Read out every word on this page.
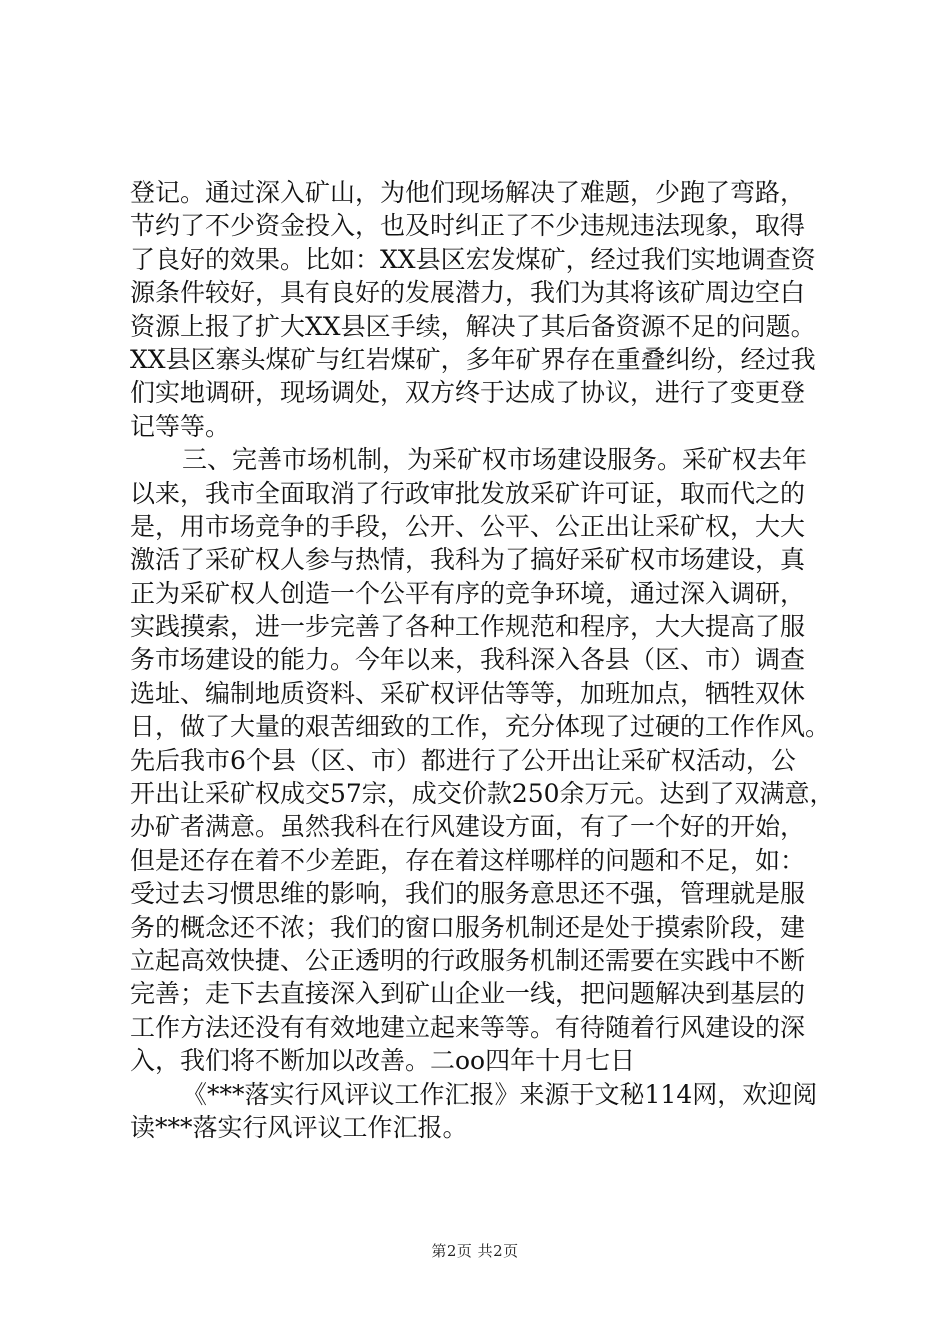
登记。通过深入矿山，为他们现场解决了难题，少跑了弯路，
节约了不少资金投入，也及时纠正了不少违规违法现象，取得
了良好的效果。比如：XX县区宏发煤矿，经过我们实地调查资
源条件较好，具有良好的发展潜力，我们为其将该矿周边空白
资源上报了扩大XX县区手续，解决了其后备资源不足的问题。
XX县区寨头煤矿与红岩煤矿，多年矿界存在重叠纠纷，经过我
们实地调研，现场调处，双方终于达成了协议，进行了变更登
记等等。
三、完善市场机制，为采矿权市场建设服务。采矿权去年
以来，我市全面取消了行政审批发放采矿许可证，取而代之的
是，用市场竞争的手段，公开、公平、公正出让采矿权，大大
激活了采矿权人参与热情，我科为了搞好采矿权市场建设，真
正为采矿权人创造一个公平有序的竞争环境，通过深入调研，
实践摸索，进一步完善了各种工作规范和程序，大大提高了服
务市场建设的能力。今年以来，我科深入各县（区、市）调查
选址、编制地质资料、采矿权评估等等，加班加点，牺牲双休
日，做了大量的艰苦细致的工作，充分体现了过硬的工作作风。
先后我市6个县（区、市）都进行了公开出让采矿权活动，公
开出让采矿权成交57宗，成交价款250余万元。达到了双满意，
办矿者满意。虽然我科在行风建设方面，有了一个好的开始，
但是还存在着不少差距，存在着这样哪样的问题和不足，如：
受过去习惯思维的影响，我们的服务意思还不强，管理就是服
务的概念还不浓；我们的窗口服务机制还是处于摸索阶段，建
立起高效快捷、公正透明的行政服务机制还需要在实践中不断
完善；走下去直接深入到矿山企业一线，把问题解决到基层的
工作方法还没有有效地建立起来等等。有待随着行风建设的深
入，我们将不断加以改善。二oo四年十月七日
《***落实行风评议工作汇报》来源于文秘114网，欢迎阅
读***落实行风评议工作汇报。
第2页 共2页
